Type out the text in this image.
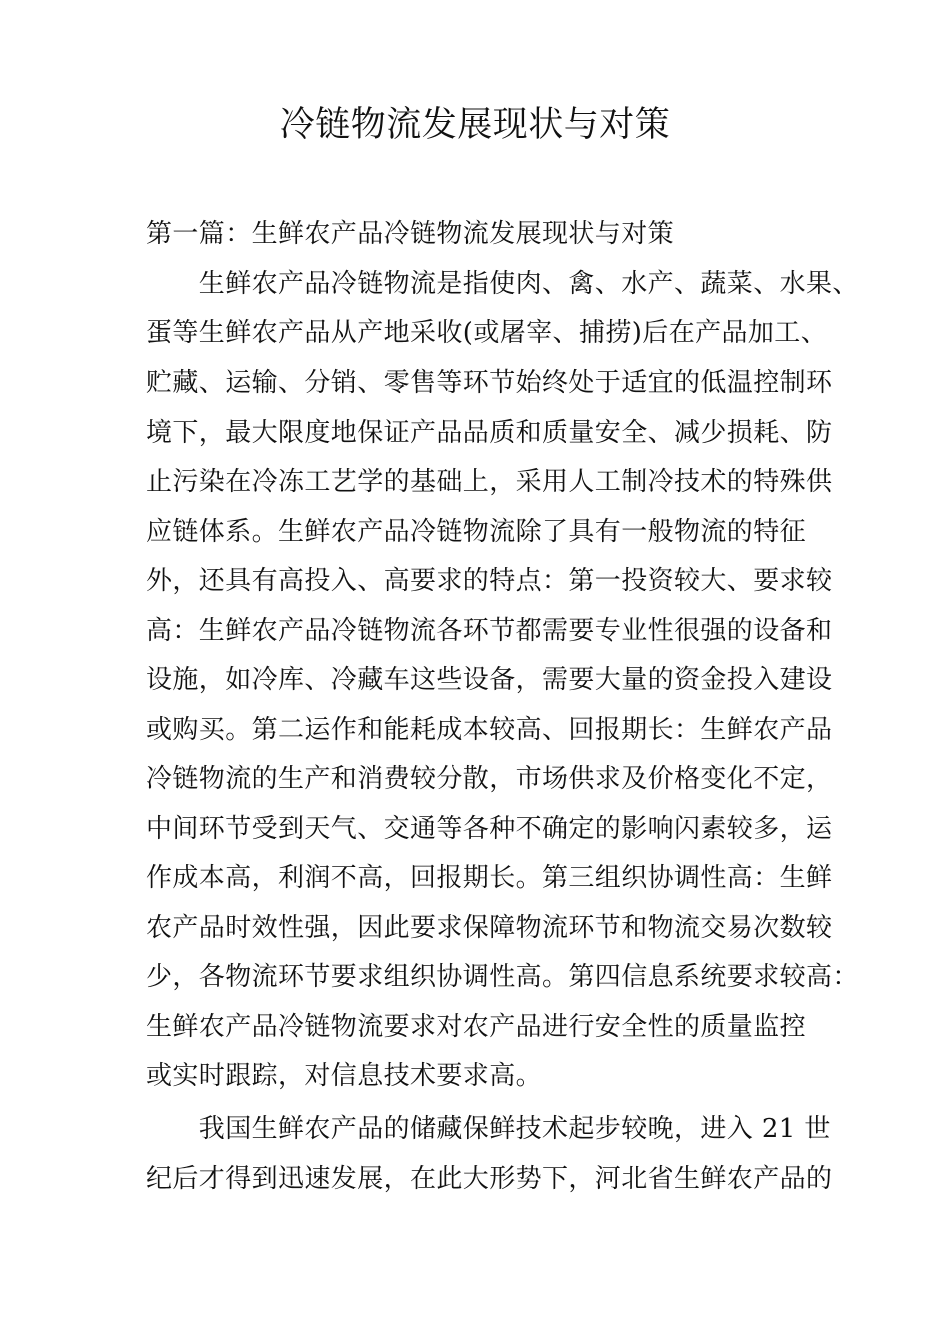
冷链物流发展现状与对策
第一篇：生鲜农产品冷链物流发展现状与对策
　　生鲜农产品冷链物流是指使肉、禽、水产、蔬菜、水果、
蛋等生鲜农产品从产地采收(或屠宰、捕捞)后在产品加工、
贮藏、运输、分销、零售等环节始终处于适宜的低温控制环
境下，最大限度地保证产品品质和质量安全、减少损耗、防
止污染在冷冻工艺学的基础上，采用人工制冷技术的特殊供
应链体系。生鲜农产品冷链物流除了具有一般物流的特征
外，还具有高投入、高要求的特点：第一投资较大、要求较
高：生鲜农产品冷链物流各环节都需要专业性很强的设备和
设施，如冷库、冷藏车这些设备，需要大量的资金投入建设
或购买。第二运作和能耗成本较高、回报期长：生鲜农产品
冷链物流的生产和消费较分散，市场供求及价格变化不定，
中间环节受到天气、交通等各种不确定的影响闪素较多，运
作成本高，利润不高，回报期长。第三组织协调性高：生鲜
农产品时效性强，因此要求保障物流环节和物流交易次数较
少，各物流环节要求组织协调性高。第四信息系统要求较高：
生鲜农产品冷链物流要求对农产品进行安全性的质量监控
或实时跟踪，对信息技术要求高。
　　我国生鲜农产品的储藏保鲜技术起步较晚，进入 21 世
纪后才得到迅速发展，在此大形势下，河北省生鲜农产品的
